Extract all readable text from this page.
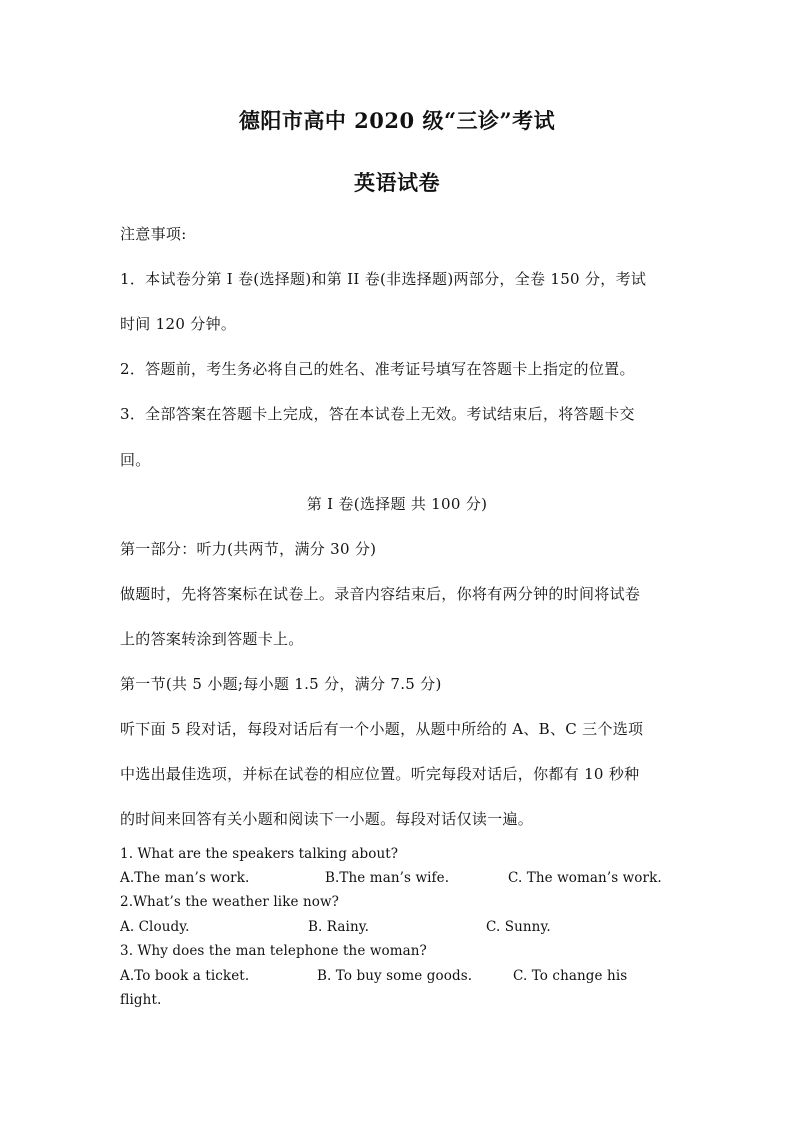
德阳市高中 2020 级“三诊”考试
英语试卷
注意事项:
1．本试卷分第 I 卷(选择题)和第 II 卷(非选择题)两部分，全卷 150 分，考试
时间 120 分钟。
2．答题前，考生务必将自己的姓名、准考证号填写在答题卡上指定的位置。
3．全部答案在答题卡上完成，答在本试卷上无效。考试结束后，将答题卡交
回。
第 I 卷(选择题 共 100 分)
第一部分：听力(共两节，满分 30 分)
做题时，先将答案标在试卷上。录音内容结束后，你将有两分钟的时间将试卷
上的答案转涂到答题卡上。
第一节(共 5 小题;每小题 1.5 分，满分 7.5 分)
听下面 5 段对话，每段对话后有一个小题，从题中所给的 A、B、C 三个选项
中选出最佳选项，并标在试卷的相应位置。听完每段对话后，你都有 10 秒种
的时间来回答有关小题和阅读下一小题。每段对话仅读一遍。
1. What are the speakers talking about?
A.The man’s work.	B.The man’s wife.	C. The woman’s work.
2.What’s the weather like now?
A. Cloudy.	B. Rainy.	C. Sunny.
3. Why does the man telephone the woman?
A.To book a ticket.	B. To buy some goods.	C. To change his
flight.
